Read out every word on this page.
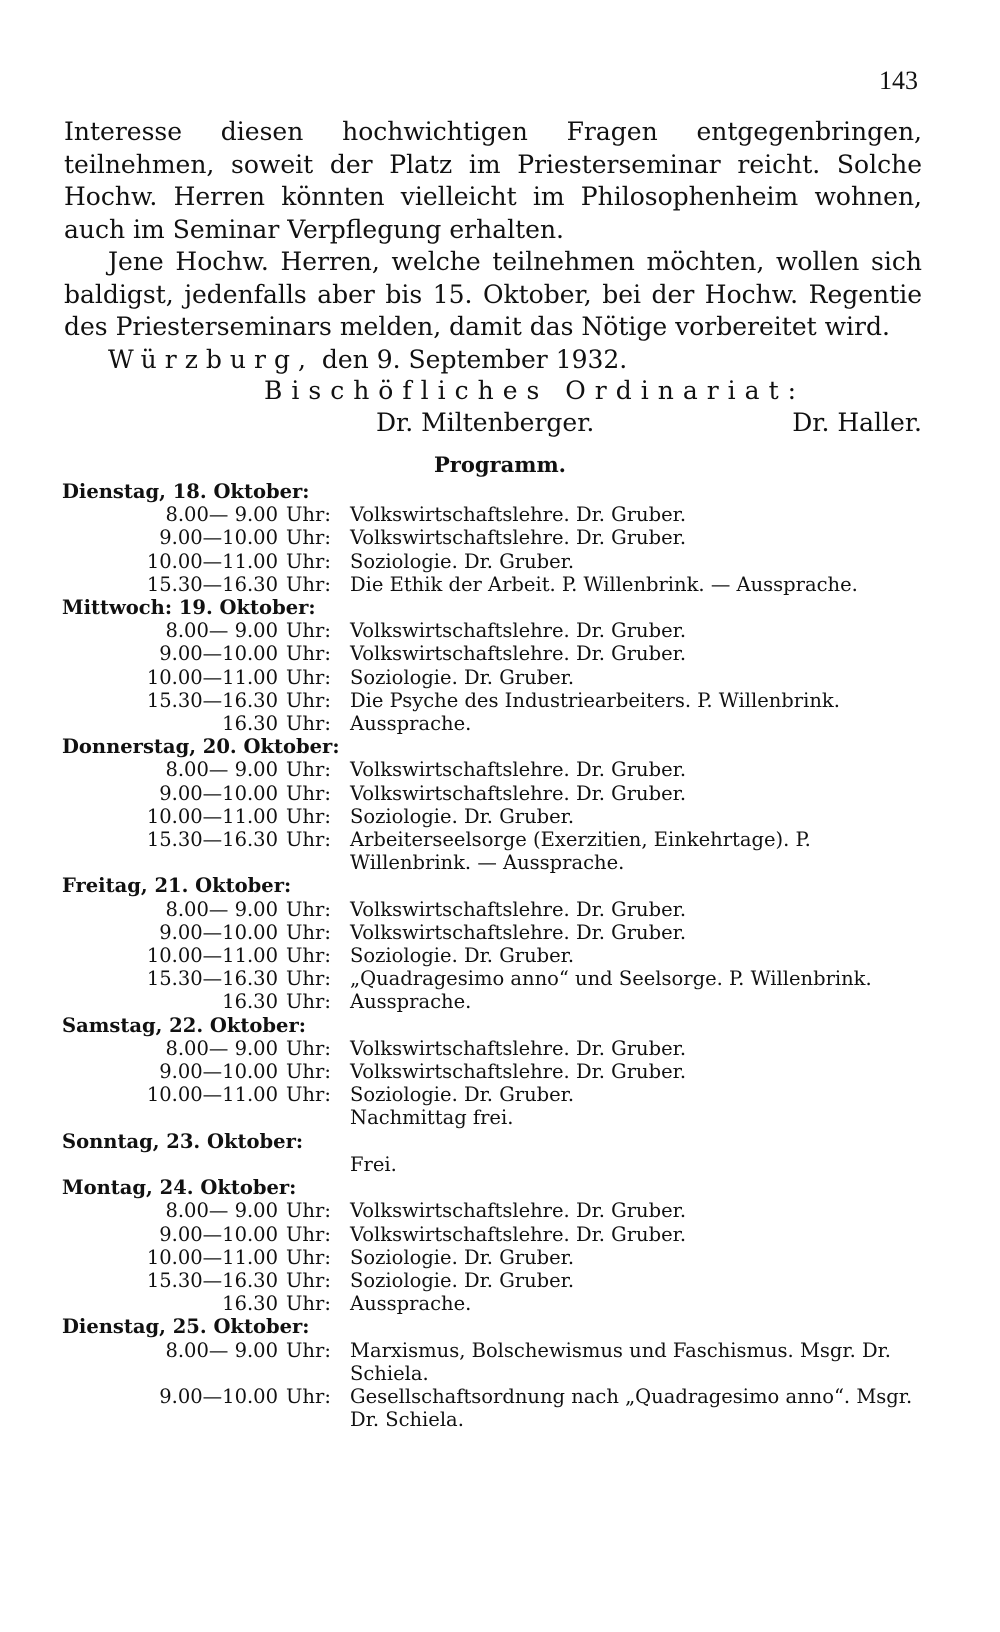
143

Interesse diesen hochwichtigen Fragen entgegenbringen, teilnehmen, soweit der Platz im Priesterseminar reicht. Solche Hochw. Herren könnten vielleicht im Philosophenheim wohnen, auch im Seminar Verpflegung erhalten.

Jene Hochw. Herren, welche teilnehmen möchten, wollen sich baldigst, jedenfalls aber bis 15. Oktober, bei der Hochw. Regentie des Priesterseminars melden, damit das Nötige vorbereitet wird.

Würzburg, den 9. September 1932.

Bischöfliches Ordinariat:
Dr. Miltenberger.	Dr. Haller.
Programm.
Dienstag, 18. Oktober:
8.00— 9.00 Uhr: Volkswirtschaftslehre. Dr. Gruber.
9.00—10.00 Uhr: Volkswirtschaftslehre. Dr. Gruber.
10.00—11.00 Uhr: Soziologie. Dr. Gruber.
15.30—16.30 Uhr: Die Ethik der Arbeit. P. Willenbrink. — Aussprache.
Mittwoch: 19. Oktober:
8.00— 9.00 Uhr: Volkswirtschaftslehre. Dr. Gruber.
9.00—10.00 Uhr: Volkswirtschaftslehre. Dr. Gruber.
10.00—11.00 Uhr: Soziologie. Dr. Gruber.
15.30—16.30 Uhr: Die Psyche des Industriearbeiters. P. Willenbrink.
16.30 Uhr: Aussprache.
Donnerstag, 20. Oktober:
8.00— 9.00 Uhr: Volkswirtschaftslehre. Dr. Gruber.
9.00—10.00 Uhr: Volkswirtschaftslehre. Dr. Gruber.
10.00—11.00 Uhr: Soziologie. Dr. Gruber.
15.30—16.30 Uhr: Arbeiterseelsorge (Exerzitien, Einkehrtage). P. Willenbrink. — Aussprache.
Freitag, 21. Oktober:
8.00— 9.00 Uhr: Volkswirtschaftslehre. Dr. Gruber.
9.00—10.00 Uhr: Volkswirtschaftslehre. Dr. Gruber.
10.00—11.00 Uhr: Soziologie. Dr. Gruber.
15.30—16.30 Uhr: „Quadragesimo anno“ und Seelsorge. P. Willenbrink.
16.30 Uhr: Aussprache.
Samstag, 22. Oktober:
8.00— 9.00 Uhr: Volkswirtschaftslehre. Dr. Gruber.
9.00—10.00 Uhr: Volkswirtschaftslehre. Dr. Gruber.
10.00—11.00 Uhr: Soziologie. Dr. Gruber.
Nachmittag frei.
Sonntag, 23. Oktober:
Frei.
Montag, 24. Oktober:
8.00— 9.00 Uhr: Volkswirtschaftslehre. Dr. Gruber.
9.00—10.00 Uhr: Volkswirtschaftslehre. Dr. Gruber.
10.00—11.00 Uhr: Soziologie. Dr. Gruber.
15.30—16.30 Uhr: Soziologie. Dr. Gruber.
16.30 Uhr: Aussprache.
Dienstag, 25. Oktober:
8.00— 9.00 Uhr: Marxismus, Bolschewismus und Faschismus. Msgr. Dr. Schiela.
9.00—10.00 Uhr: Gesellschaftsordnung nach „Quadragesimo anno“. Msgr. Dr. Schiela.
